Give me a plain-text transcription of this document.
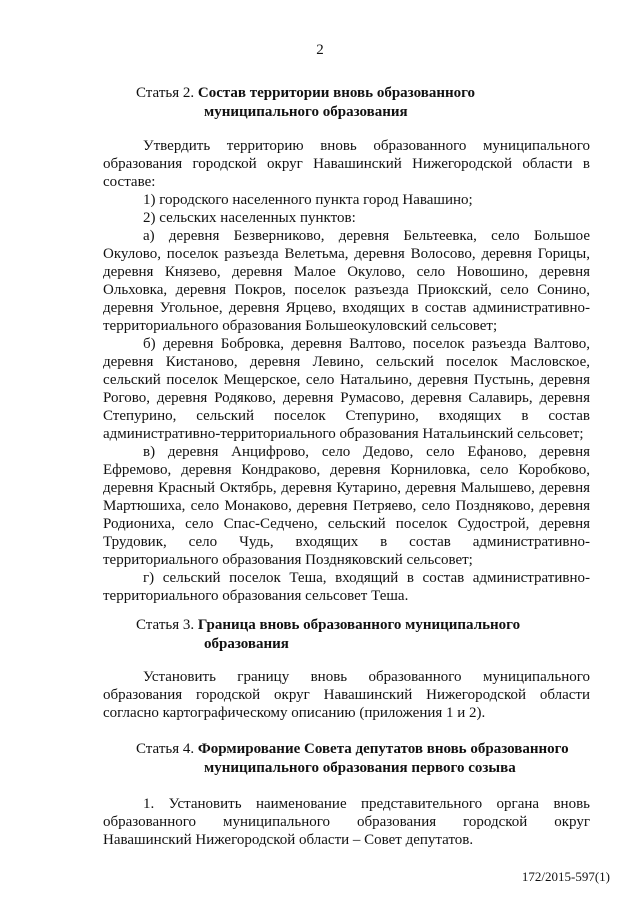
2
Статья 2. Состав территории вновь образованного
муниципального образования
Утвердить территорию вновь образованного муниципального
образования городской округ Навашинский Нижегородской области в
составе:
1) городского населенного пункта город Навашино;
2) сельских населенных пунктов:
а) деревня Безверниково, деревня Бельтеевка, село Большое
Окулово, поселок разъезда Велетьма, деревня Волосово, деревня Горицы,
деревня Князево, деревня Малое Окулово, село Новошино, деревня
Ольховка, деревня Покров, поселок разъезда Приокский, село Сонино,
деревня Угольное, деревня Ярцево, входящих в состав административно-
территориального образования Большеокуловский сельсовет;
б) деревня Бобровка, деревня Валтово, поселок разъезда Валтово,
деревня Кистаново, деревня Левино, сельский поселок Масловское,
сельский поселок Мещерское, село Натальино, деревня Пустынь, деревня
Рогово, деревня Родяково, деревня Румасово, деревня Салавирь, деревня
Степурино, сельский поселок Степурино, входящих в состав
административно-территориального образования Натальинский сельсовет;
в) деревня Анцифрово, село Дедово, село Ефаново, деревня
Ефремово, деревня Кондраково, деревня Корниловка, село Коробково,
деревня Красный Октябрь, деревня Кутарино, деревня Малышево, деревня
Мартюшиха, село Монаково, деревня Петряево, село Поздняково, деревня
Родиониха, село Спас-Седчено, сельский поселок Судострой, деревня
Трудовик, село Чудь, входящих в состав административно-
территориального образования Поздняковский сельсовет;
г) сельский поселок Теша, входящий в состав административно-
территориального образования сельсовет Теша.
Статья 3. Граница вновь образованного муниципального
образования
Установить границу вновь образованного муниципального
образования городской округ Навашинский Нижегородской области
согласно картографическому описанию (приложения 1 и 2).
Статья 4. Формирование Совета депутатов вновь образованного
муниципального образования первого созыва
1. Установить наименование представительного органа вновь
образованного муниципального образования городской округ
Навашинский Нижегородской области – Совет депутатов.
172/2015-597(1)
